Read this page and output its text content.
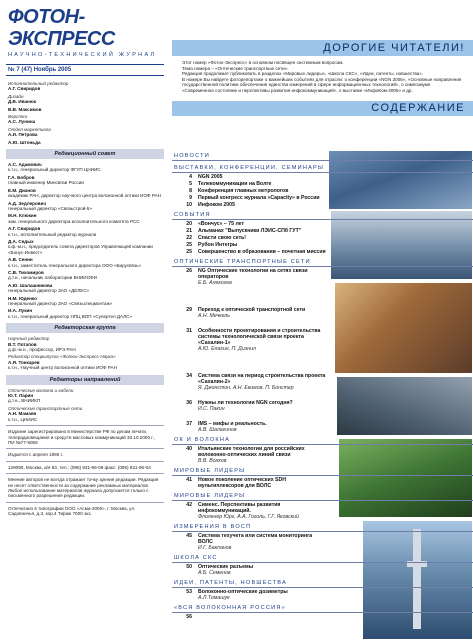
ФОТОН-ЭКСПРЕСС
НАУЧНО-ТЕХНИЧЕСКИЙ ЖУРНАЛ
№ 7 (47) Ноябрь 2005
Исполнительный редактор
А.Г. Свиридов
Дизайн
Д.В. Иванюк
В.В. Максимов
Верстка
А.С. Лунина
Отдел маркетинга
А.И. Петрова
А.Ю. Штоньда
Редакционный совет
А.С. Адамович
к.т.н., генеральный директор ФГУП ЦНИИС
Г.А. Бобров
главный инженер Минсвязи России
Е.М. Дианов
академик РАН, директор научного центра волоконной оптики ИОФ РАН
А.Д. Зедлерович
генеральный директор «Связьстрой-5»
М.Н. Клюкин
зам. генерального директора исполнительного комитета РСС
А.Г. Свиридов
к.т.н., исполнительный редактор журнала
Д.А. Седых
к.ф.-м.н., председатель совета директоров Управляющей компании «Бонус-Инвест»
А.В. Сенин
к.т.н., заместитель генерального директора ООО «Бирусвязь»
С.В. Тихомиров
д.т.н., начальник лаборатории ВНИИОФИ
А.Ю. Шалашникова
генеральный директор ЗАО «ДЕЛЕС»
Н.М. Юденко
генеральный директор ЗАО «Связьспецмонтаж»
И.А. Лукин
к.т.н., генеральный директор НПЦ ВОП «Супертел ДАЛС»
Редакторская группа
Научный редактор
В.Т. Потапов
д.ф.-м.н., профессор, ИРЭ РАН
Редактор спецвыпуска «Фотон-Экспресс-Наука»
А.Я. Тонкарев
к.т.н., Научный центр волоконной оптики ИОФ РАН
Редакторы направлений
Оптические волокна и кабели
Ю.Т. Ларин
д.т.н., ВНИИКП
Оптические транспортные сети
А.Н. Мамаев
к.т.н., ЦНИИС
Издание зарегистрировано в Министерстве РФ по делам печати, телерадиовещания и средств массовых коммуникаций 30.10.2000 г., ПИ №77-5059
Издается с апреля 1995 г.
129090, Москва, а/я 83, тел.: (095) 931-96-09 факс: (095) 931-96-04
Мнение авторов не всегда отражает точку зрения редакции. Редакция не несет ответственности за содержание рекламных материалов. Любое использование материалов журнала допускается только с письменного разрешения редакции.
Отпечатано в типографии ООО «Асма-2000», г. Москва, ул. Садовничья, д.3, кор.4 Тираж 7000 экз.
ДОРОГИЕ ЧИТАТЕЛИ!

Этот номер «Фотон-Экспресс» в основном посвящен системным вопросам.

Тема номера – «Оптические транспортные сети».

Редакция продолжает публиковать в разделах «Мировые лидеры», «Школа СКС», «Идеи, патенты, новшества».

В номере Вы найдете фоторепортаже о важнейших событиях для отрасли: о конференции «NGN 2005», «Основные направления государственной политики обеспечения единства измерений в сфере информационных технологий», о симпозиуме «Современное состояние и перспективы развития инфокоммуникаций», о выставке «ИнфоКом-2005» и др.

СОДЕРЖАНИЕ
НОВОСТИ
ВЫСТАВКИ, КОНФЕРЕНЦИИ, СЕМИНАРЫ
4	NGN 2005
5	Телекоммуникации на Волге
8	Конференция главных метрологов
9	Первый конгресс журнала «Capacity» в России
10	Инфоком 2005
СОБЫТИЯ
20	«Вончус» – 75 лет
21	Альманах "Выпускники ЛЭИС-СПб ГУТ"
22	Спасти свою сеть!
25	Рубон Интегры
25	Совершенство в образовании – почетная миссия
ОПТИЧЕСКИЕ ТРАНСПОРТНЫЕ СЕТИ
26	NG Оптические технологии на сетях связи операторов
Е.Б. Алексеев
29	Переход к оптической транспортной сети
А.Н. Мечкель
31	Особенности проектирования и строительства системы технологической связи проекта «Сахалин-1»
А.Ю. Елагин, П. Диэнил
34	Система связи на период строительства проекта «Сахалин-2»
Я. Джонстон, А.Н. Екимов, П. Бонстер
36	Нужны ли технологии NGN сегодня?
И.С. Пакин
37	IMS – мифы и реальность.
А.В. Шалагинов
ОК И ВОЛОКНА
40	Итальянские технологии для российских волоконно-оптических линий связи
В.В. Волков
МИРОВЫЕ ЛИДЕРЫ
41	Новое поколение оптических SDH мультиплексоров для ВОЛС
МИРОВЫЕ ЛИДЕРЫ
42	Сименс. Перспективы развития инфокоммуникаций.
Флоленер Юрг, А.А. Гоголь, Г.Г. Яковский
ИЗМЕРЕНИЯ В ВОСП
45	Система техучета или система мониторинга ВОЛС
И.Г. Бакланов
ШКОЛА СКС
50	Оптические разъемы
А.Б. Семенов
ИДЕИ, ПАТЕНТЫ, НОВШЕСТВА
53	Волоконно-оптические дозиметры
А.Л.Томашук
«ВСЯ ВОЛОКОННАЯ РОССИЯ»
56
